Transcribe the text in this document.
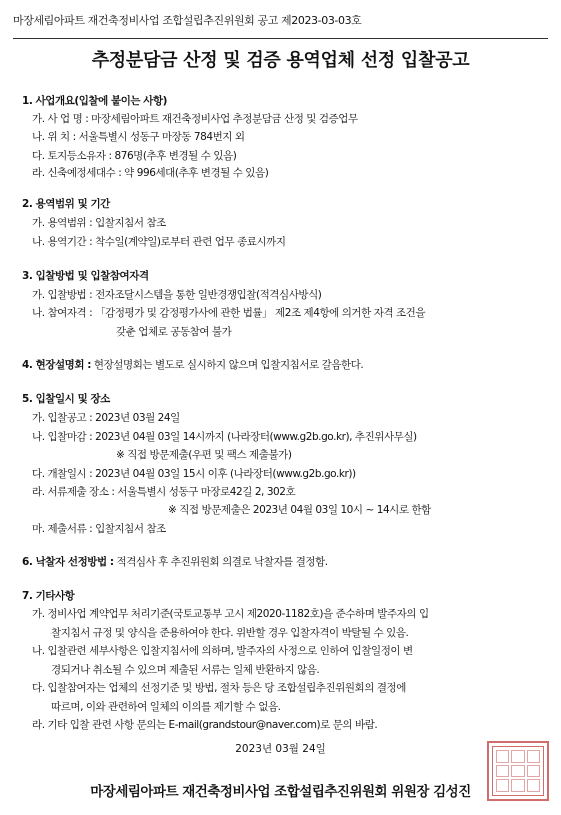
마장세림아파트 재건축정비사업 조합설립추진위원회 공고 제2023-03-03호
추정분담금 산정 및 검증 용역업체 선정 입찰공고
1. 사업개요(입찰에 붙이는 사항)
가. 사 업 명 : 마장세림아파트 재건축정비사업 추정분담금 산정 및 검증업무
나. 위 치 : 서울특별시 성동구 마장동 784번지 외
다. 토지등소유자 : 876명(추후 변경될 수 있음)
라. 신축예정세대수 : 약 996세대(추후 변경될 수 있음)
2. 용역범위 및 기간
가. 용역범위 : 입찰지침서 참조
나. 용역기간 : 착수일(계약일)로부터 관련 업무 종료시까지
3. 입찰방법 및 입찰참여자격
가. 입찰방법 : 전자조달시스템을 통한 일반경쟁입찰(적격심사방식)
나. 참여자격 : 「감정평가 및 감정평가사에 관한 법률」 제2조 제4항에 의거한 자격 조건을
갖춘 업체로 공동참여 불가
4. 현장설명회 : 현장설명회는 별도로 실시하지 않으며 입찰지침서로 갈음한다.
5. 입찰일시 및 장소
가. 입찰공고 : 2023년 03월 24일
나. 입찰마감 : 2023년 04월 03일 14시까지 (나라장터(www.g2b.go.kr), 추진위사무실)
※ 직접 방문제출(우편 및 팩스 제출불가)
다. 개찰일시 : 2023년 04월 03일 15시 이후 (나라장터(www.g2b.go.kr))
라. 서류제출 장소 : 서울특별시 성동구 마장로42길 2, 302호
※ 직접 방문제출은 2023년 04월 03일 10시 ~ 14시로 한함
마. 제출서류 : 입찰지침서 참조
6. 낙찰자 선정방법 : 적격심사 후 추진위원회 의결로 낙찰자를 결정함.
7. 기타사항
가. 정비사업 계약업무 처리기준(국토교통부 고시 제2020-1182호)을 준수하며 발주자의 입
찰지침서 규정 및 양식을 준용하여야 한다. 위반할 경우 입찰자격이 박탈될 수 있음.
나. 입찰관련 세부사항은 입찰지침서에 의하며, 발주자의 사정으로 인하여 입찰일정이 변
경되거나 취소될 수 있으며 제출된 서류는 일체 반환하지 않음.
다. 입찰참여자는 업체의 선정기준 및 방법, 절차 등은 당 조합설립추진위원회의 결정에
따르며, 이와 관련하여 일체의 이의를 제기할 수 없음.
라. 기타 입찰 관련 사항 문의는 E-mail(grandstour@naver.com)로 문의 바람.
2023년 03월 24일
마장세림아파트 재건축정비사업 조합설립추진위원회 위원장 김성진
